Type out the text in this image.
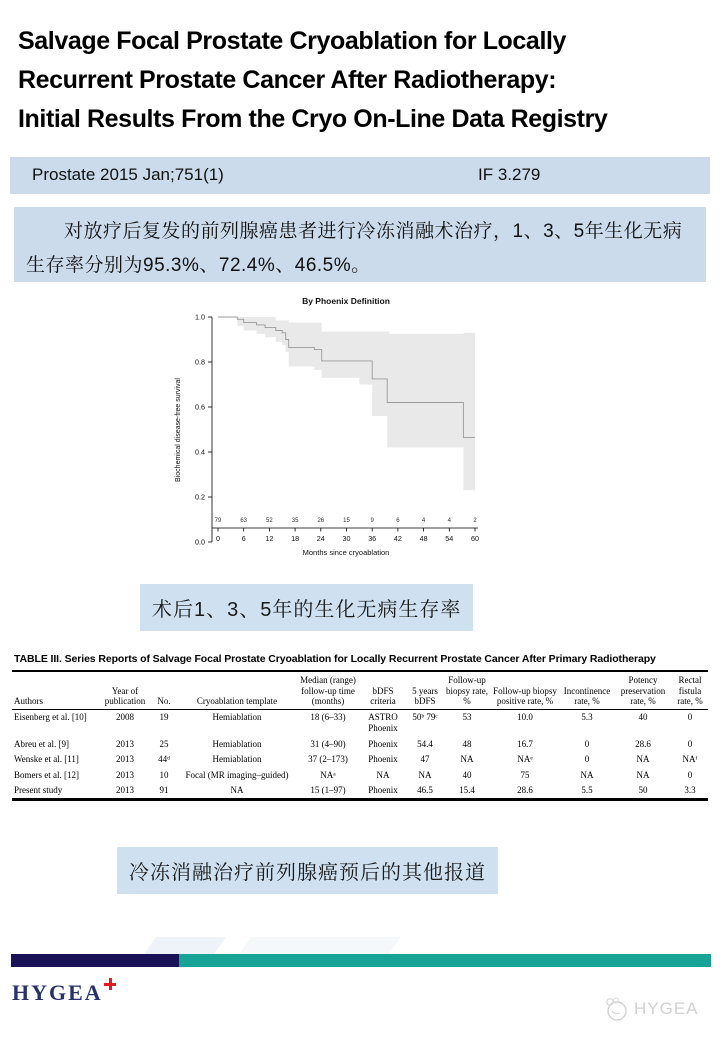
Salvage Focal Prostate Cryoablation for Locally
Recurrent Prostate Cancer After Radiotherapy:
Initial Results From the Cryo On-Line Data Registry
Prostate 2015 Jan;751(1)	IF 3.279
对放疗后复发的前列腺癌患者进行冷冻消融术治疗，1、3、5年生化无病生存率分别为95.3%、72.4%、46.5%。
0.0
0.2
0.4
0.6
0.8
1.0
0
79
6
63
12
52
18
35
24
26
30
15
36
9
42
6
48
4
54
4
60
2
By Phoenix Definition
Months since cryoablation
Biochemical disease-free survival
术后1、3、5年的生化无病生存率
TABLE III. Series Reports of Salvage Focal Prostate Cryoablation for Locally Recurrent Prostate Cancer After Primary Radiotherapy
Authors	Year of publication	No.	Cryoablation template	Median (range) follow-up time (months)	bDFS criteria	5 years bDFS	Follow-up biopsy rate, %	Follow-up biopsy positive rate, %	Incontinence rate, %	Potency preservation rate, %	Rectal fistula rate, %
Eisenberg et al. [10]	2008	19	Hemiablation	18 (6–33)	ASTRO Phoenix	50ᵇ 79ᶜ	53	10.0	5.3	40	0
Abreu et al. [9]	2013	25	Hemiablation	31 (4–90)	Phoenix	54.4	48	16.7	0	28.6	0
Wenske et al. [11]	2013	44ᵈ	Hemiablation	37 (2–173)	Phoenix	47	NA	NAᵉ	0	NA	NAᶠ
Bomers et al. [12]	2013	10	Focal (MR imaging–guided)	NAᵃ	NA	NA	40	75	NA	NA	0
Present study	2013	91	NA	15 (1–97)	Phoenix	46.5	15.4	28.6	5.5	50	3.3
冷冻消融治疗前列腺癌预后的其他报道
HYGEA
HYGEA
